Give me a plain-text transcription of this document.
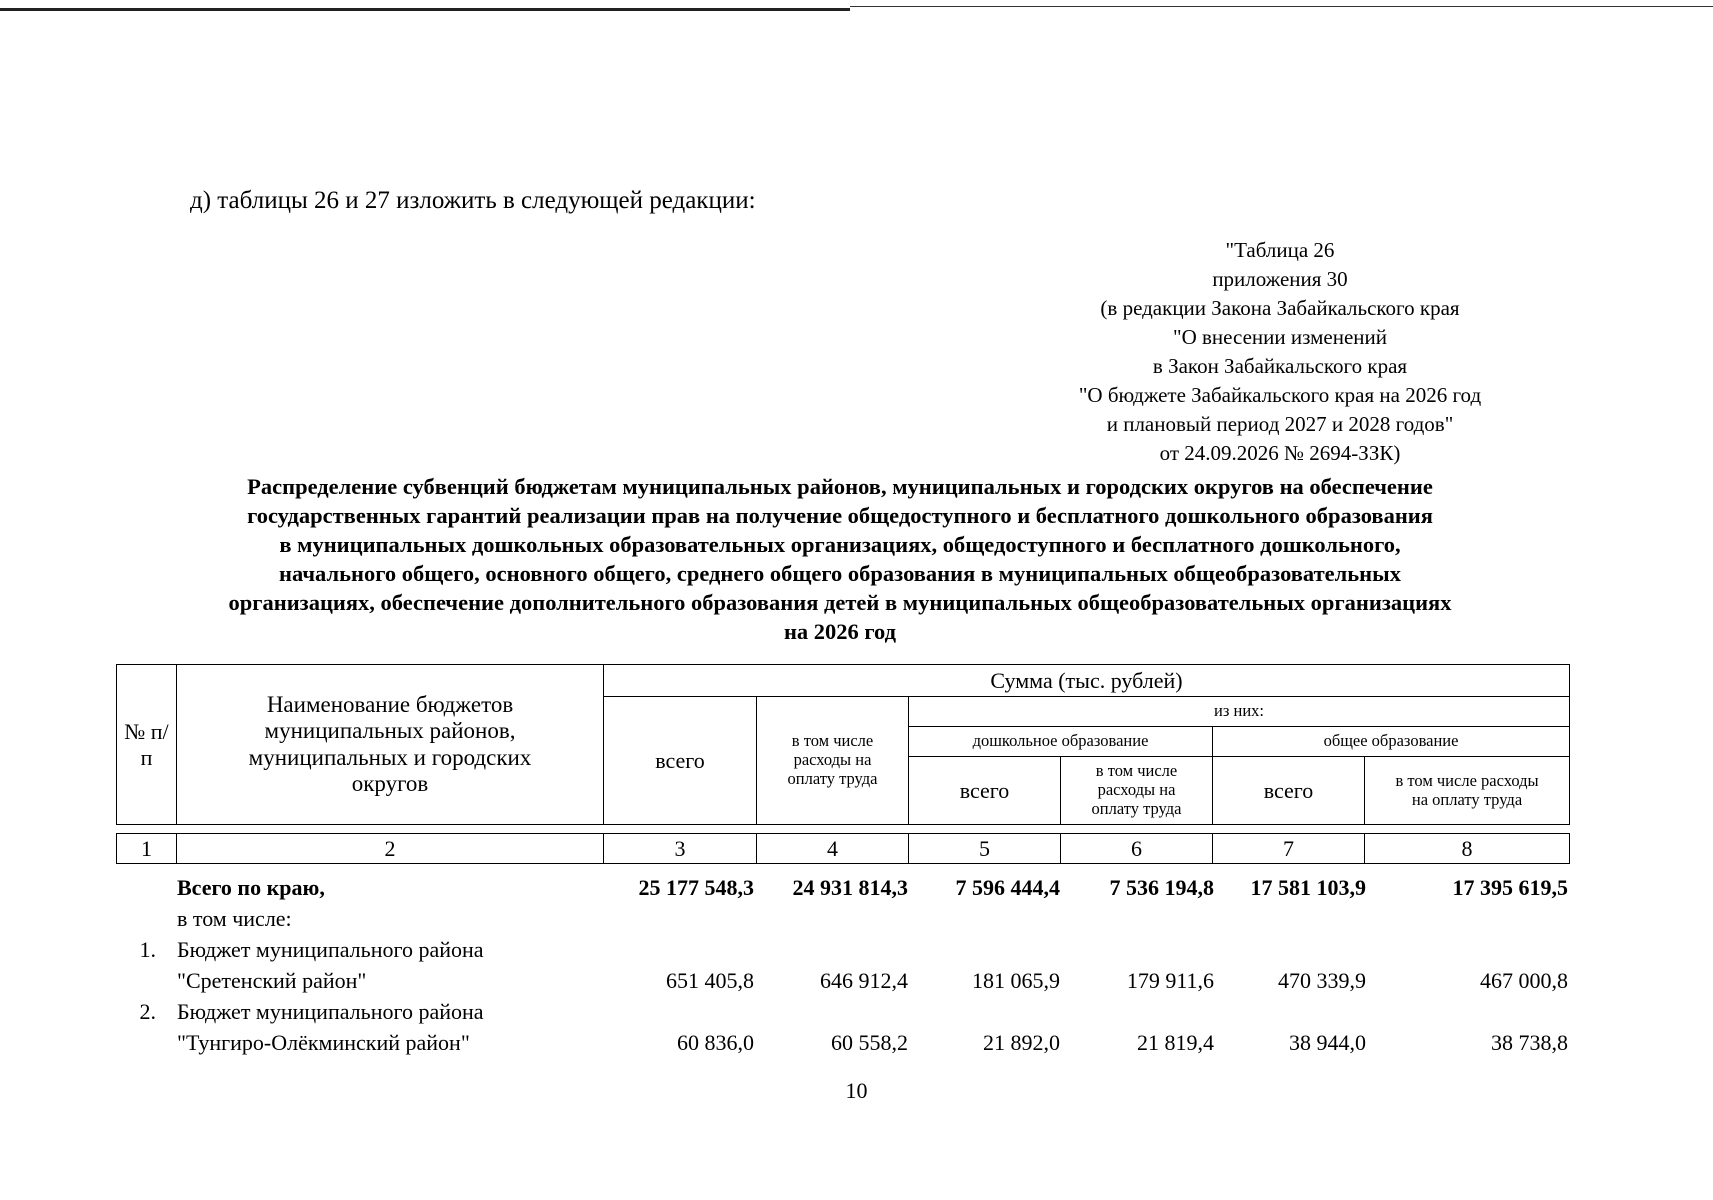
д) таблицы 26 и 27 изложить в следующей редакции:
"Таблица 26
приложения 30
(в редакции Закона Забайкальского края
"О внесении изменений
в Закон Забайкальского края
"О бюджете Забайкальского края на 2026 год
и плановый период 2027 и 2028 годов"
от 24.09.2026 № 2694-ЗЗК)
Распределение субвенций бюджетам муниципальных районов, муниципальных и городских округов на обеспечение
государственных гарантий реализации прав на получение общедоступного и бесплатного дошкольного образования
в муниципальных дошкольных образовательных организациях, общедоступного и бесплатного дошкольного,
начального общего, основного общего, среднего общего образования в муниципальных общеобразовательных
организациях, обеспечение дополнительного образования детей в муниципальных общеобразовательных организациях
на 2026 год
№ п/п	Наименование бюджетов муниципальных районов, муниципальных и городских округов	Сумма (тыс. рублей)					
		всего	в том числе расходы на оплату труда	из них:			
				дошкольное образование		общее образование	
				всего	в том числе расходы на оплату труда	всего	в том числе расходы на оплату труда
1	2	3	4	5	6	7	8
Всего по краю,	25 177 548,3	24 931 814,3	7 596 444,4	7 536 194,8	17 581 103,9	17 395 619,5
в том числе:
1. Бюджет муниципального района
"Сретенский район"	651 405,8	646 912,4	181 065,9	179 911,6	470 339,9	467 000,8
2. Бюджет муниципального района
"Тунгиро-Олёкминский район"	60 836,0	60 558,2	21 892,0	21 819,4	38 944,0	38 738,8
10
